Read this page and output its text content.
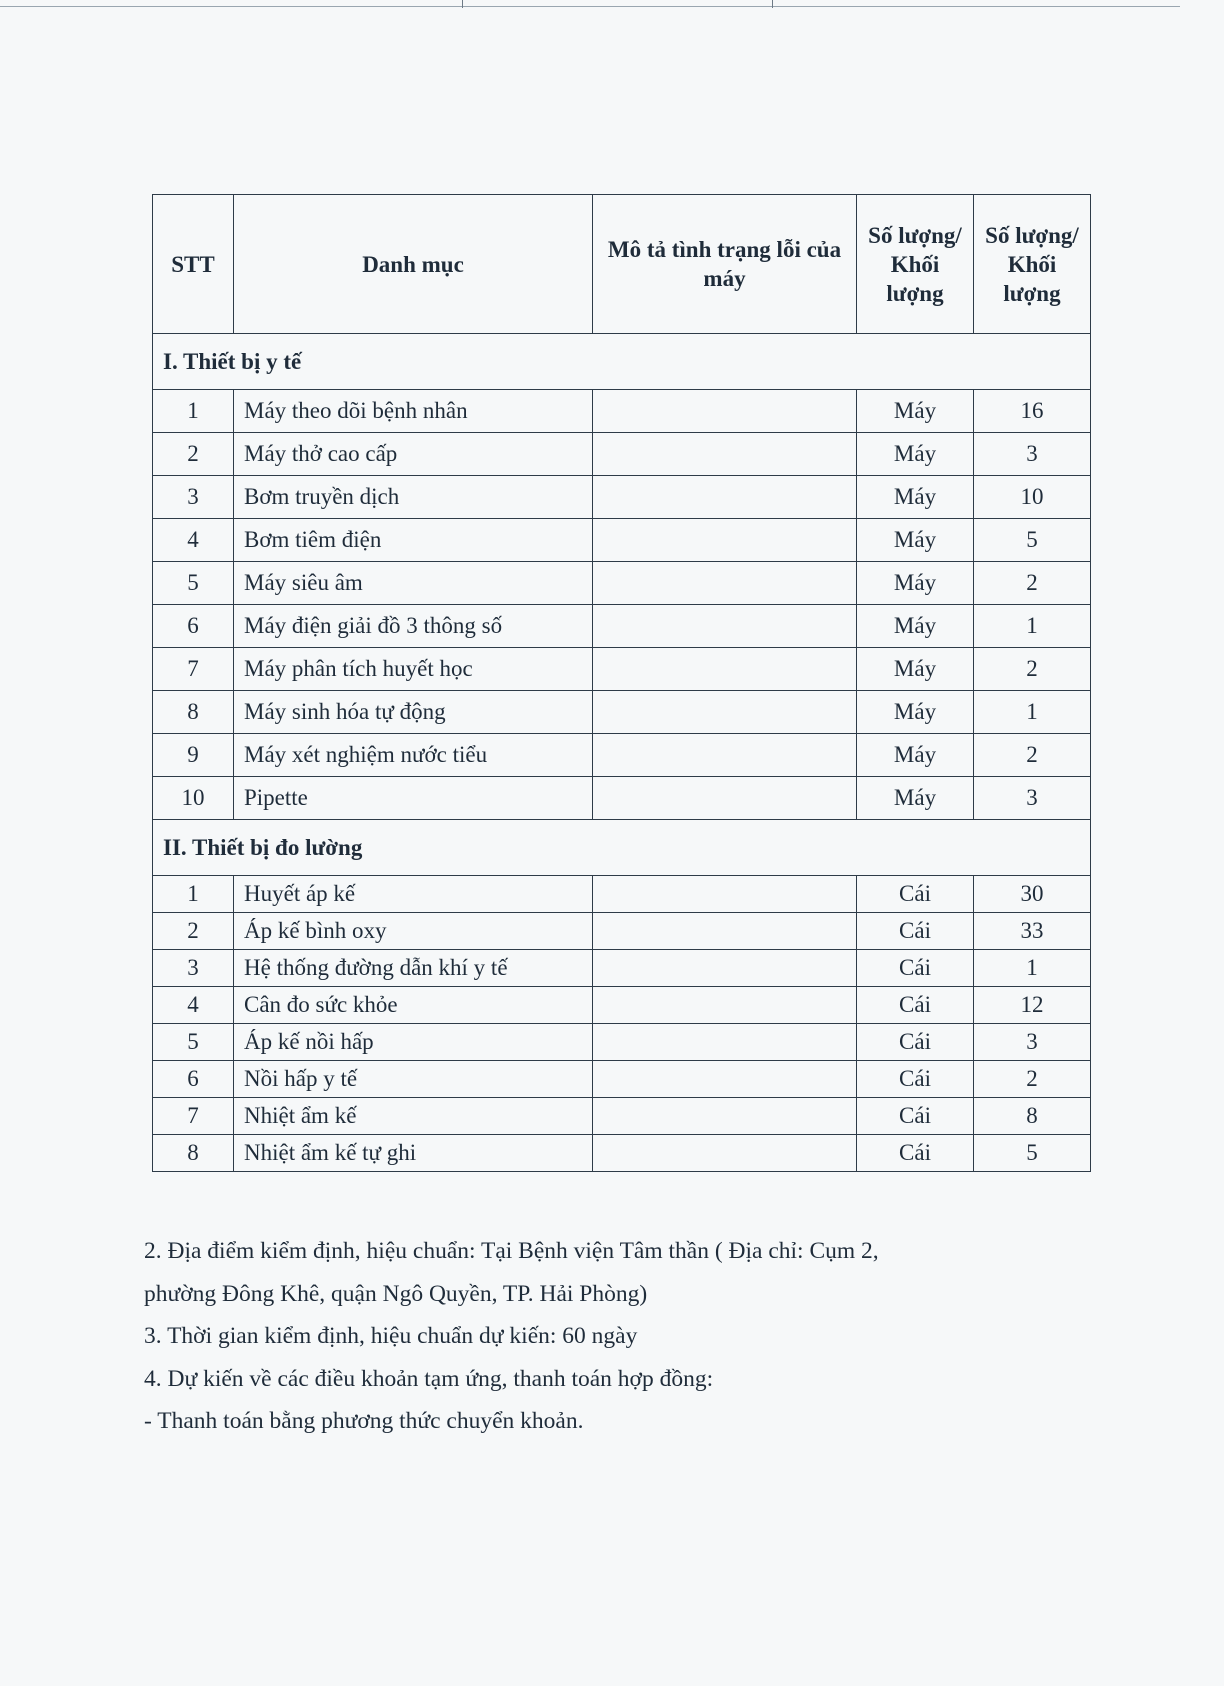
STT	Danh mục	Mô tả tình trạng lỗi của máy	Số lượng/ Khối lượng	Số lượng/ Khối lượng
I. Thiết bị y tế				
1	Máy theo dõi bệnh nhân		Máy	16
2	Máy thở cao cấp		Máy	3
3	Bơm truyền dịch		Máy	10
4	Bơm tiêm điện		Máy	5
5	Máy siêu âm		Máy	2
6	Máy điện giải đồ 3 thông số		Máy	1
7	Máy phân tích huyết học		Máy	2
8	Máy sinh hóa tự động		Máy	1
9	Máy xét nghiệm nước tiểu		Máy	2
10	Pipette		Máy	3
II. Thiết bị đo lường				
1	Huyết áp kế		Cái	30
2	Áp kế bình oxy		Cái	33
3	Hệ thống đường dẫn khí y tế		Cái	1
4	Cân đo sức khỏe		Cái	12
5	Áp kế nồi hấp		Cái	3
6	Nồi hấp y tế		Cái	2
7	Nhiệt ẩm kế		Cái	8
8	Nhiệt ẩm kế tự ghi		Cái	5

2. Địa điểm kiểm định, hiệu chuẩn: Tại Bệnh viện Tâm thần ( Địa chỉ: Cụm 2,

phường Đông Khê, quận Ngô Quyền, TP. Hải Phòng)

3. Thời gian kiểm định, hiệu chuẩn dự kiến: 60 ngày

4. Dự kiến về các điều khoản tạm ứng, thanh toán hợp đồng:

- Thanh toán bằng phương thức chuyển khoản.
